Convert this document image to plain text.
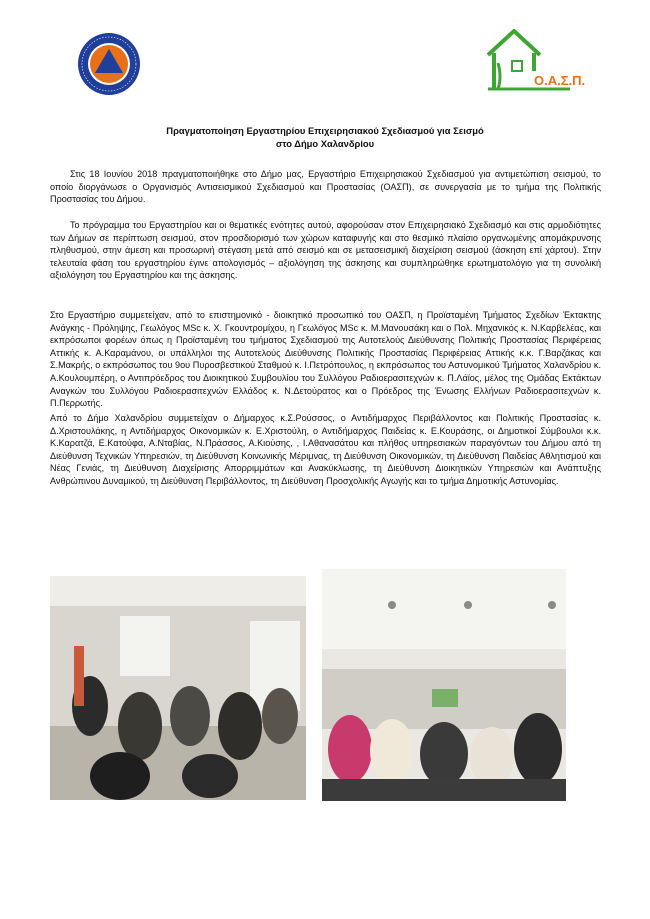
Ο.Α.Σ.Π.
Πραγματοποίηση Εργαστηρίου Επιχειρησιακού Σχεδιασμού για Σεισμό
στο Δήμο Χαλανδρίου

Στις 18 Ιουνίου 2018 πραγματοποιήθηκε στο Δήμο μας, Εργαστήριο Επιχειρησιακού Σχεδιασμού για αντιμετώπιση σεισμού, το οποίο διοργάνωσε ο Οργανισμός Αντισεισμικού Σχεδιασμού και Προστασίας (ΟΑΣΠ), σε συνεργασία με το τμήμα της Πολιτικής Προστασίας του Δήμου.

Το πρόγραμμα του Εργαστηρίου και οι θεματικές ενότητες αυτού, αφορούσαν στον Επιχειρησιακό Σχεδιασμό και στις αρμοδιότητες των Δήμων σε περίπτωση σεισμού, στον προσδιορισμό των χώρων καταφυγής και στο θεσμικό πλαίσιο οργανωμένης απομάκρυνσης πληθυσμού, στην άμεση και προσωρινή στέγαση μετά από σεισμό και σε μετασεισμική διαχείριση σεισμού (άσκηση επί χάρτου). Στην τελευταία φάση του εργαστηρίου έγινε απολογισμός – αξιολόγηση της άσκησης και συμπληρώθηκε ερωτηματολόγιο για τη συνολική αξιολόγηση του Εργαστηρίου και της άσκησης.

Στο Εργαστήριο συμμετείχαν, από το επιστημονικό - διοικητικό προσωπικό του ΟΑΣΠ, η Προϊσταμένη Τμήματος Σχεδίων Έκτακτης Ανάγκης - Πρόληψης, Γεωλόγος MSc κ. Χ. Γκουντρομίχου, η Γεωλόγος MSc κ. Μ.Μανουσάκη και ο Πολ. Μηχανικός κ. Ν.Καρβελέας, και εκπρόσωποι φορέων όπως η Προϊσταμένη του τμήματος Σχεδιασμού της Αυτοτελούς Διεύθυνσης Πολιτικής Προστασίας Περιφέρειας Αττικής κ. Α.Καραμάνου, οι υπάλληλοι της Αυτοτελούς Διεύθυνσης Πολιτικής Προστασίας Περιφέρειας Αττικής κ.κ. Γ.Βαρζάκας και Σ.Μακρής, ο εκπρόσωπος του 9ου Πυροσβεστικού Σταθμού κ. Ι.Πετρόπουλος, η εκπρόσωπος του Αστυνομικού Τμήματος Χαλανδρίου κ. Α.Κουλουμπέρη, ο Αντιπρόεδρος του Διοικητικού Συμβουλίου του Συλλόγου Ραδιοερασιτεχνών κ. Π.Λάϊος, μέλος της Ομάδας Εκτάκτων Αναγκών του Συλλόγου Ραδιοερασιτεχνών Ελλάδος κ. Ν.Δετούρατος και ο Πρόεδρος της Ένωσης Ελλήνων Ραδιοερασιτεχνών κ. Π.Περρωτής.

Από το Δήμο Χαλανδρίου συμμετείχαν ο Δήμαρχος κ.Σ.Ρούσσος, ο Αντιδήμαρχος Περιβάλλοντος και Πολιτικής Προστασίας κ. Δ.Χριστουλάκης, η Αντιδήμαρχος Οικονομικών κ. Ε.Χριστούλη, ο Αντιδήμαρχος Παιδείας κ. Ε.Κουράσης, οι Δημοτικοί Σύμβουλοι κ.κ. Κ.Καρατζά, Ε.Κατούφα, Α.Νταβίας, Ν.Πράσσος, Α.Κιούσης, , Ι.Αθανασάτου και πλήθος υπηρεσιακών παραγόντων του Δήμου από τη Διεύθυνση Τεχνικών Υπηρεσιών, τη Διεύθυνση Κοινωνικής Μέριμνας, τη Διεύθυνση Οικονομικών, τη Διεύθυνση Παιδείας Αθλητισμού και Νέας Γενιάς, τη Διεύθυνση Διαχείρισης Απορριμμάτων και Ανακύκλωσης, τη Διεύθυνση Διοικητικών Υπηρεσιών και Ανάπτυξης Ανθρώπινου Δυναμικού, τη Διεύθυνση Περιβάλλοντος, τη Διεύθυνση Προσχολικής Αγωγής και το τμήμα Δημοτικής Αστυνομίας.
